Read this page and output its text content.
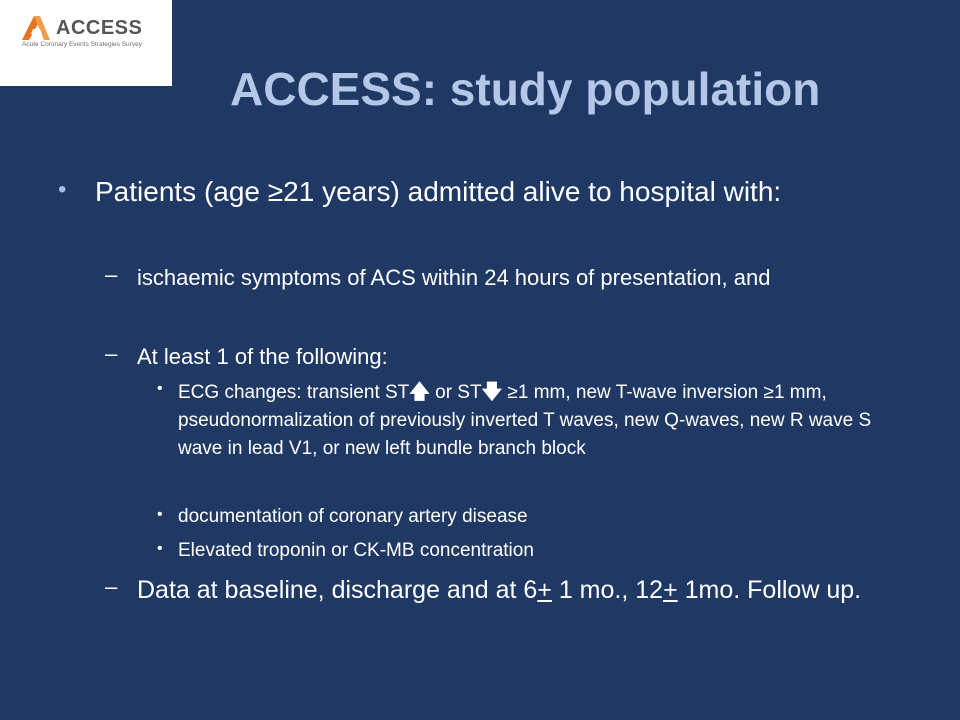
ACCESS
Acute Coronary Events Strategies Survey
ACCESS: study population
• Patients (age ≥21 years) admitted alive to hospital with:
– ischaemic symptoms of ACS within 24 hours of presentation, and
– At least 1 of the following:
• ECG changes: transient ST🡅 or ST🡇 ≥1 mm, new T-wave inversion ≥1 mm, pseudonormalization of previously inverted T waves, new Q-waves, new R wave S wave in lead V1, or new left bundle branch block
• documentation of coronary artery disease
• Elevated troponin or CK-MB concentration
– Data at baseline, discharge and at 6+ 1 mo., 12+ 1mo. Follow up.
